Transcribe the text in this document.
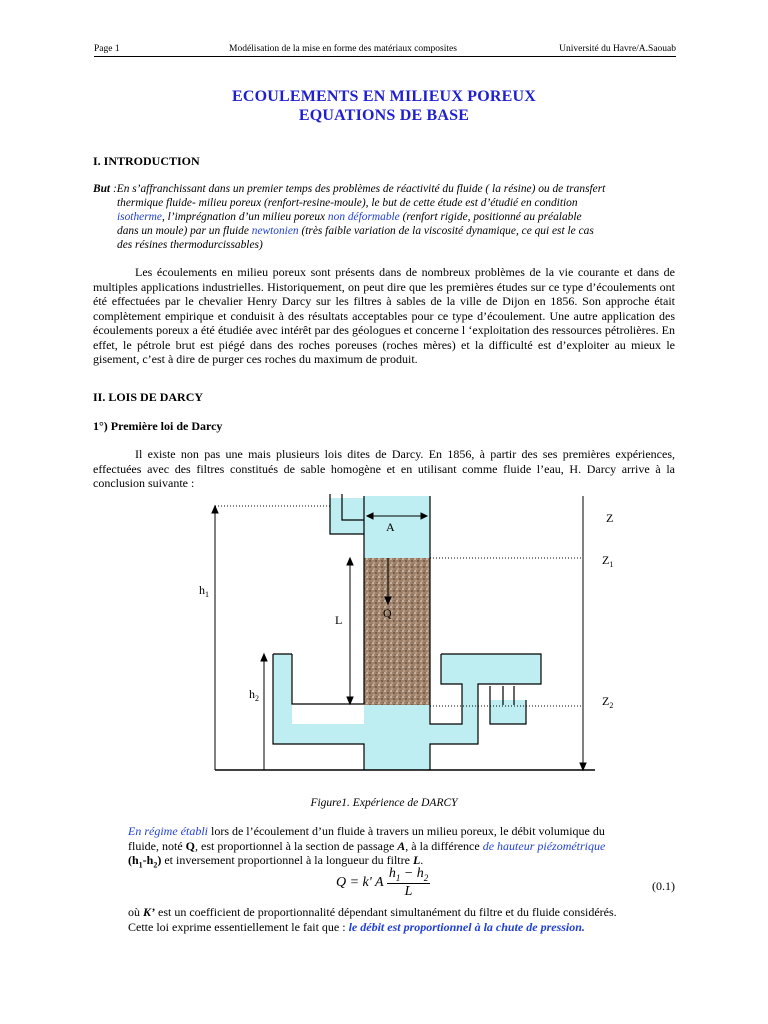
Page 1	Modélisation de la mise en forme des matériaux composites	Université du Havre/A.Saouab
ECOULEMENTS EN MILIEUX POREUX
EQUATIONS DE BASE
I. INTRODUCTION
But :En s’affranchissant dans un premier temps des problèmes de réactivité du fluide ( la résine) ou de transfert
thermique fluide- milieu poreux (renfort-resine-moule), le but de cette étude est d’étudié en condition
isotherme, l’imprégnation d’un milieu poreux non déformable (renfort rigide, positionné au préalable
dans un moule) par un fluide newtonien (très faible variation de la viscosité dynamique, ce qui est le cas
des résines thermodurcissables)
Les écoulements en milieu poreux sont présents dans de nombreux problèmes de la vie courante et dans de multiples applications industrielles. Historiquement, on peut dire que les premières études sur ce type d’écoulements ont été effectuées par le chevalier Henry Darcy sur les filtres à sables de la ville de Dijon en 1856. Son approche était complètement empirique et conduisit à des résultats acceptables pour ce type d’écoulement. Une autre application des écoulements poreux a été étudiée avec intérêt par des géologues et concerne l ‘exploitation des ressources pétrolières. En effet, le pétrole brut est piégé dans des roches poreuses (roches mères) et la difficulté est d’exploiter au mieux le gisement, c’est à dire de purger ces roches du maximum de produit.
II. LOIS DE DARCY
1°) Première loi de Darcy
Il existe non pas une mais plusieurs lois dites de Darcy. En 1856, à partir des ses premières expériences, effectuées avec des filtres constitués de sable homogène et en utilisant comme fluide l’eau, H. Darcy arrive à la conclusion suivante :
A
Q
L
$h_1$
$h_2$
Z
$Z_1$
$Z_2$
Figure1. Expérience de DARCY
En régime établi lors de l’écoulement d’un fluide à travers un milieu poreux, le débit volumique du
fluide, noté Q, est proportionnel à la section de passage A, à la différence de hauteur piézométrique
$(h_1-h_2)$ et inversement proportionnel à la longueur du filtre L.
Q = k' A $\frac{h_1 - h_2}{L}$	(0.1)
où K’ est un coefficient de proportionnalité dépendant simultanément du filtre et du fluide considérés.
Cette loi exprime essentiellement le fait que : le débit est proportionnel à la chute de pression.
